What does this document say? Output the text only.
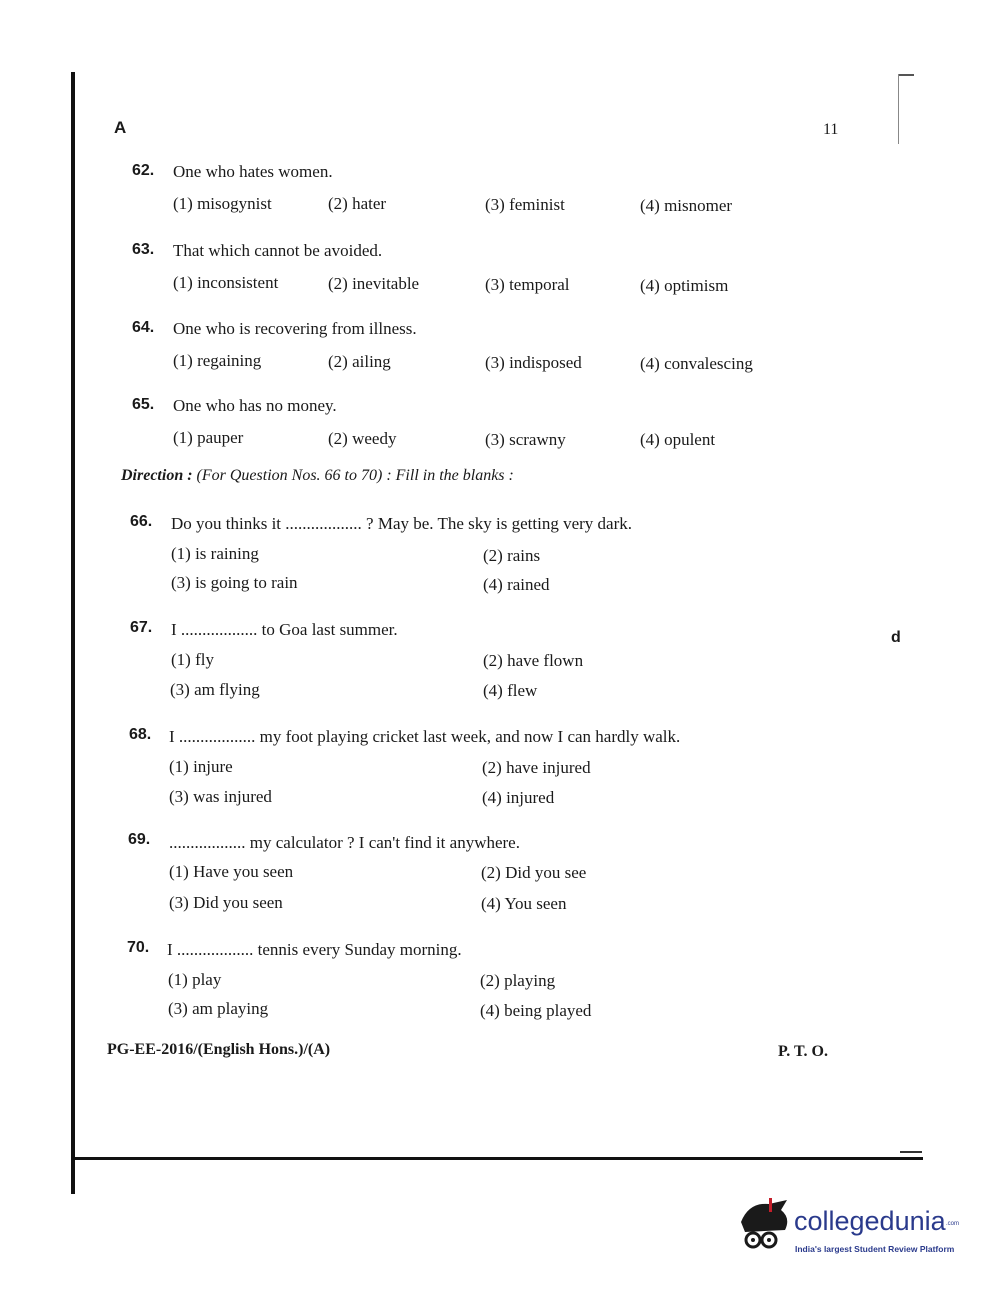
A	11
62. One who hates women.
(1) misogynist	(2) hater	(3) feminist	(4) misnomer
63. That which cannot be avoided.
(1) inconsistent	(2) inevitable	(3) temporal	(4) optimism
64. One who is recovering from illness.
(1) regaining	(2) ailing	(3) indisposed	(4) convalescing
65. One who has no money.
(1) pauper	(2) weedy	(3) scrawny	(4) opulent
Direction : (For Question Nos. 66 to 70) : Fill in the blanks :
66. Do you thinks it .................. ? May be. The sky is getting very dark.
(1) is raining	(2) rains
(3) is going to rain	(4) rained
67. I .................. to Goa last summer.
(1) fly	(2) have flown
(3) am flying	(4) flew
68. I .................. my foot playing cricket last week, and now I can hardly walk.
(1) injure	(2) have injured
(3) was injured	(4) injured
69. .................. my calculator ? I can't find it anywhere.
(1) Have you seen	(2) Did you see
(3) Did you seen	(4) You seen
70. I .................. tennis every Sunday morning.
(1) play	(2) playing
(3) am playing	(4) being played
PG-EE-2016/(English Hons.)/(A)	P. T. O.
d
collegedunia .com
India's largest Student Review Platform
